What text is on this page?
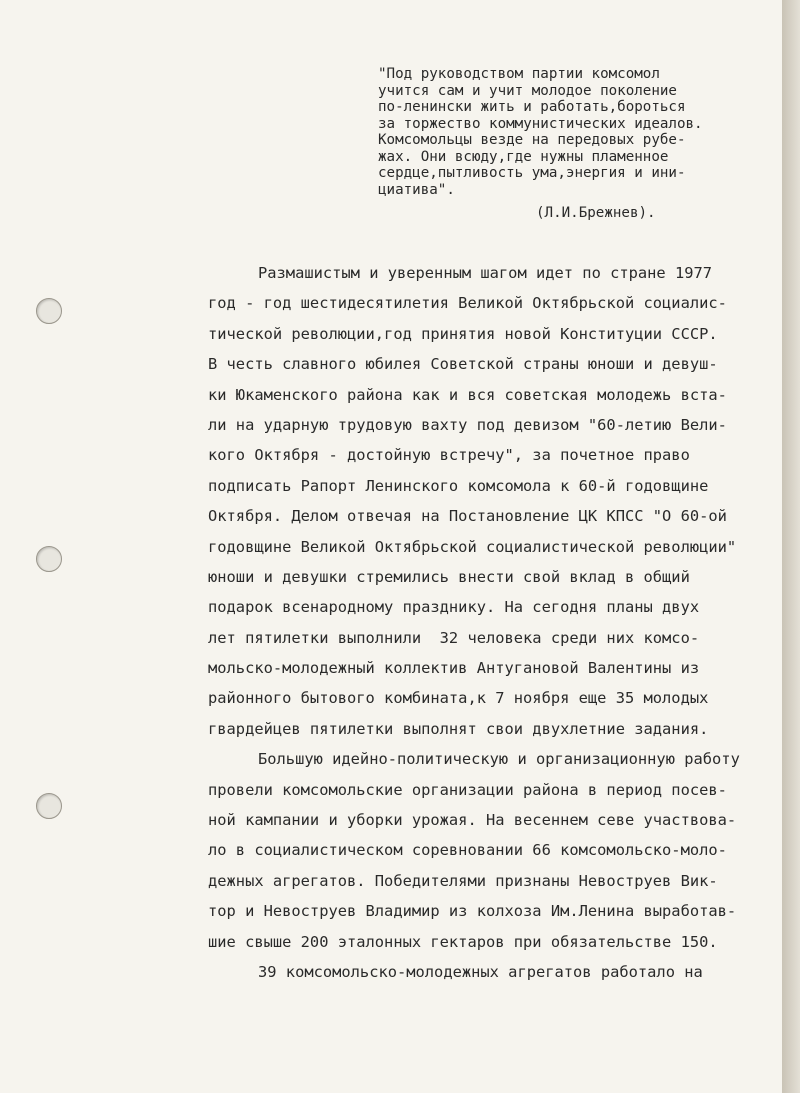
"Под руководством партии комсомол
учится сам и учит молодое поколение
по-ленински жить и работать,бороться
за торжество коммунистических идеалов.
Комсомольцы везде на передовых рубе-
жах. Они всюду,где нужны пламенное
сердце,пытливость ума,энергия и ини-
циатива".
(Л.И.Брежнев).
Размашистым и уверенным шагом идет по стране 1977
год - год шестидесятилетия Великой Октябрьской социалис-
тической революции,год принятия новой Конституции СССР.
В честь славного юбилея Советской страны юноши и девуш-
ки Юкаменского района как и вся советская молодежь вста-
ли на ударную трудовую вахту под девизом "60-летию Вели-
кого Октября - достойную встречу", за почетное право
подписать Рапорт Ленинского комсомола к 60-й годовщине
Октября. Делом отвечая на Постановление ЦК КПСС "О 60-ой
годовщине Великой Октябрьской социалистической революции"
юноши и девушки стремились внести свой вклад в общий
подарок всенародному празднику. На сегодня планы двух
лет пятилетки выполнили  32 человека среди них комсо-
мольско-молодежный коллектив Антугановой Валентины из
районного бытового комбината,к 7 ноября еще 35 молодых
гвардейцев пятилетки выполнят свои двухлетние задания.
Большую идейно-политическую и организационную работу
провели комсомольские организации района в период посев-
ной кампании и уборки урожая. На весеннем севе участвова-
ло в социалистическом соревновании 66 комсомольско-моло-
дежных агрегатов. Победителями признаны Невоструев Вик-
тор и Невоструев Владимир из колхоза Им.Ленина выработав-
шие свыше 200 эталонных гектаров при обязательстве 150.
39 комсомольско-молодежных агрегатов работало на
